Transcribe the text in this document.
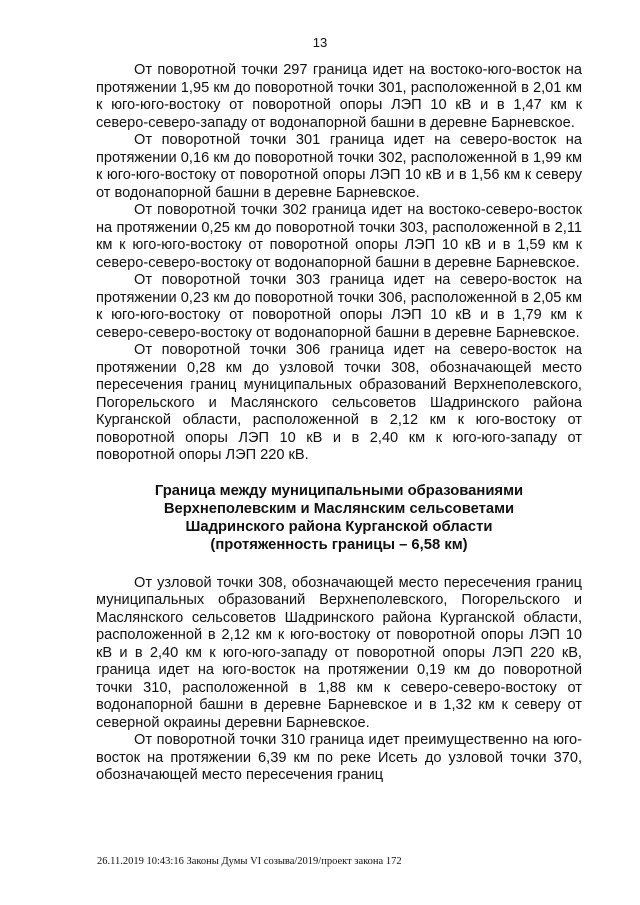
13

От поворотной точки 297 граница идет на востоко-юго-восток на протяжении 1,95 км до поворотной точки 301, расположенной в 2,01 км к юго-юго-востоку от поворотной опоры ЛЭП 10 кВ и в 1,47 км к северо-северо-западу от водонапорной башни в деревне Барневское.

От поворотной точки 301 граница идет на северо-восток на протяжении 0,16 км до поворотной точки 302, расположенной в 1,99 км к юго-юго-востоку от поворотной опоры ЛЭП 10 кВ и в 1,56 км к северу от водонапорной башни в деревне Барневское.

От поворотной точки 302 граница идет на востоко-северо-восток на протяжении 0,25 км до поворотной точки 303, расположенной в 2,11 км к юго-юго-востоку от поворотной опоры ЛЭП 10 кВ и в 1,59 км к северо-северо-востоку от водонапорной башни в деревне Барневское.

От поворотной точки 303 граница идет на северо-восток на протяжении 0,23 км до поворотной точки 306, расположенной в 2,05 км к юго-юго-востоку от поворотной опоры ЛЭП 10 кВ и в 1,79 км к северо-северо-востоку от водонапорной башни в деревне Барневское.

От поворотной точки 306 граница идет на северо-восток на протяжении 0,28 км до узловой точки 308, обозначающей место пересечения границ муниципальных образований Верхнеполевского, Погорельского и Маслянского сельсоветов Шадринского района Курганской области, расположенной в 2,12 км к юго-востоку от поворотной опоры ЛЭП 10 кВ и в 2,40 км к юго-юго-западу от поворотной опоры ЛЭП 220 кВ.

Граница между муниципальными образованиями
Верхнеполевским и Маслянским сельсоветами
Шадринского района Курганской области
(протяженность границы – 6,58 км)

От узловой точки 308, обозначающей место пересечения границ муниципальных образований Верхнеполевского, Погорельского и Маслянского сельсоветов Шадринского района Курганской области, расположенной в 2,12 км к юго-востоку от поворотной опоры ЛЭП 10 кВ и в 2,40 км к юго-юго-западу от поворотной опоры ЛЭП 220 кВ, граница идет на юго-восток на протяжении 0,19 км до поворотной точки 310, расположенной в 1,88 км к северо-северо-востоку от водонапорной башни в деревне Барневское и в 1,32 км к северу от северной окраины деревни Барневское.

От поворотной точки 310 граница идет преимущественно на юго-восток на протяжении 6,39 км по реке Исеть до узловой точки 370, обозначающей место пересечения границ

26.11.2019 10:43:16 Законы Думы VI созыва/2019/проект закона 172
